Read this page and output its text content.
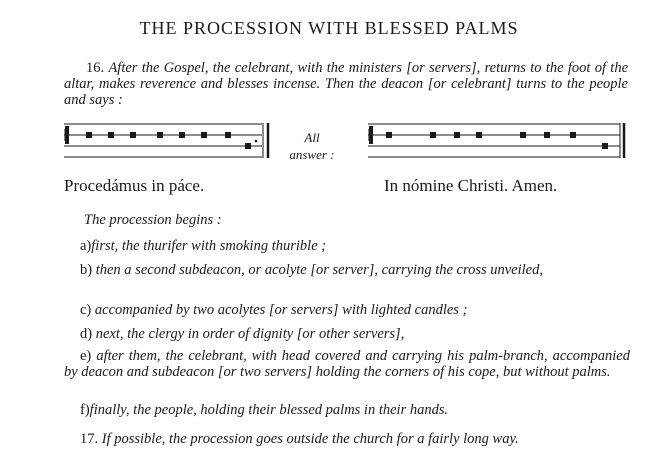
THE PROCESSION WITH BLESSED PALMS

16. After the Gospel, the celebrant, with the ministers [or servers], returns to the foot of the altar, makes reverence and blesses incense. Then the deacon [or celebrant] turns to the people and says :

All
answer :
Procedámus in páce.	In nómine Christi. Amen.

The procession begins :

a)first, the thurifer with smoking thurible ;
b) then a second subdeacon, or acolyte [or server], carrying the cross unveiled,
c) accompanied by two acolytes [or servers] with lighted candles ;
d) next, the clergy in order of dignity [or other servers],
e) after them, the celebrant, with head covered and carrying his palm-branch, accompanied by deacon and subdeacon [or two servers] holding the corners of his cope, but without palms.
f)finally, the people, holding their blessed palms in their hands.

17. If possible, the procession goes outside the church for a fairly long way.
